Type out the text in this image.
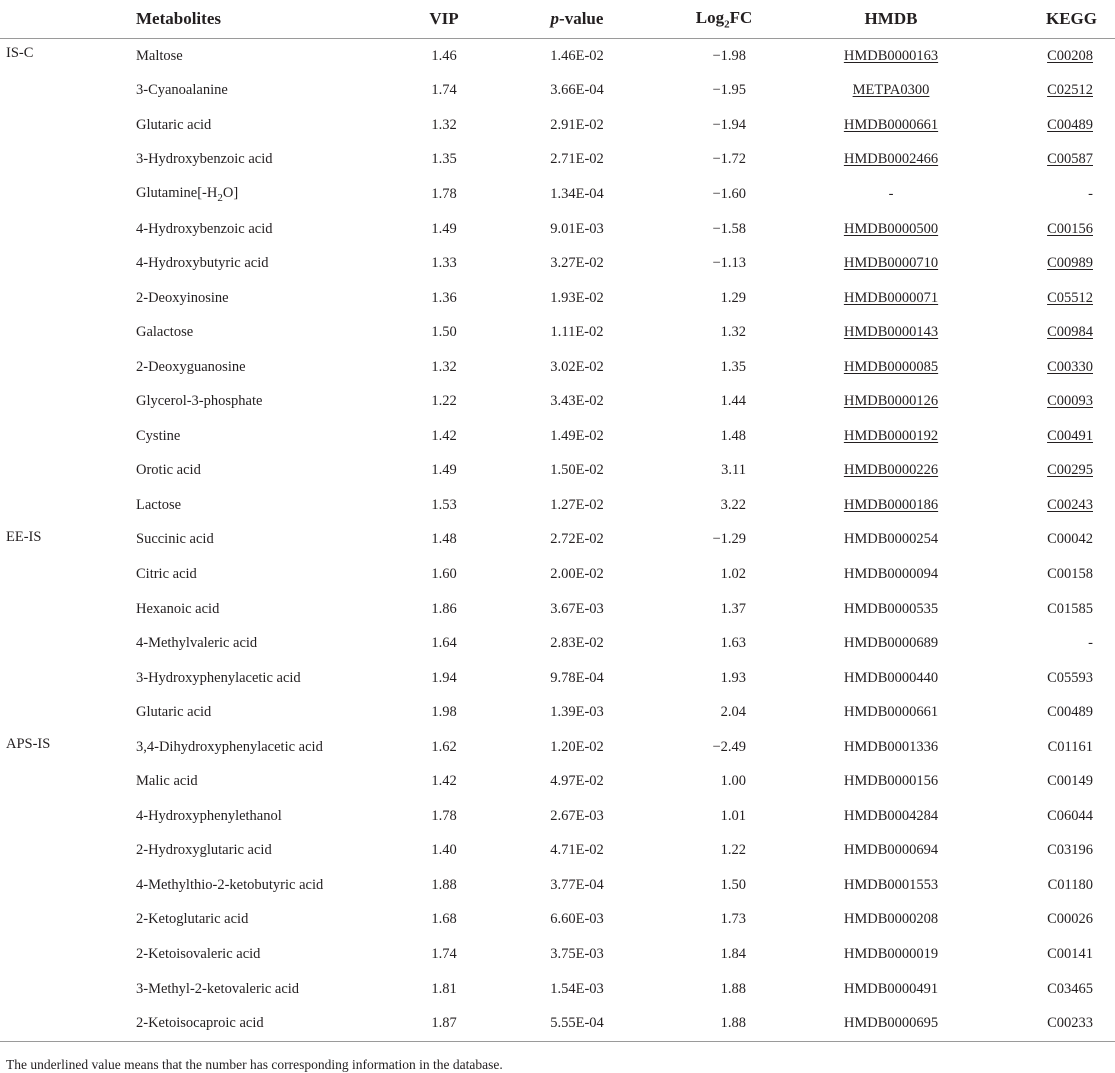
	Metabolites	VIP	p-value	Log$_2$FC	HMDB	KEGG
IS-C	Maltose	1.46	1.46E-02	−1.98	HMDB0000163	C00208
	3-Cyanoalanine	1.74	3.66E-04	−1.95	METPA0300	C02512
	Glutaric acid	1.32	2.91E-02	−1.94	HMDB0000661	C00489
	3-Hydroxybenzoic acid	1.35	2.71E-02	−1.72	HMDB0002466	C00587
	$Glutamine[-H_2O]$	1.78	1.34E-04	−1.60	-	-
	4-Hydroxybenzoic acid	1.49	9.01E-03	−1.58	HMDB0000500	C00156
	4-Hydroxybutyric acid	1.33	3.27E-02	−1.13	HMDB0000710	C00989
	2-Deoxyinosine	1.36	1.93E-02	1.29	HMDB0000071	C05512
	Galactose	1.50	1.11E-02	1.32	HMDB0000143	C00984
	2-Deoxyguanosine	1.32	3.02E-02	1.35	HMDB0000085	C00330
	Glycerol-3-phosphate	1.22	3.43E-02	1.44	HMDB0000126	C00093
	Cystine	1.42	1.49E-02	1.48	HMDB0000192	C00491
	Orotic acid	1.49	1.50E-02	3.11	HMDB0000226	C00295
	Lactose	1.53	1.27E-02	3.22	HMDB0000186	C00243
EE-IS	Succinic acid	1.48	2.72E-02	−1.29	HMDB0000254	C00042
	Citric acid	1.60	2.00E-02	1.02	HMDB0000094	C00158
	Hexanoic acid	1.86	3.67E-03	1.37	HMDB0000535	C01585
	4-Methylvaleric acid	1.64	2.83E-02	1.63	HMDB0000689	-
	3-Hydroxyphenylacetic acid	1.94	9.78E-04	1.93	HMDB0000440	C05593
	Glutaric acid	1.98	1.39E-03	2.04	HMDB0000661	C00489
APS-IS	3,4-Dihydroxyphenylacetic acid	1.62	1.20E-02	−2.49	HMDB0001336	C01161
	Malic acid	1.42	4.97E-02	1.00	HMDB0000156	C00149
	4-Hydroxyphenylethanol	1.78	2.67E-03	1.01	HMDB0004284	C06044
	2-Hydroxyglutaric acid	1.40	4.71E-02	1.22	HMDB0000694	C03196
	4-Methylthio-2-ketobutyric acid	1.88	3.77E-04	1.50	HMDB0001553	C01180
	2-Ketoglutaric acid	1.68	6.60E-03	1.73	HMDB0000208	C00026
	2-Ketoisovaleric acid	1.74	3.75E-03	1.84	HMDB0000019	C00141
	3-Methyl-2-ketovaleric acid	1.81	1.54E-03	1.88	HMDB0000491	C03465
	2-Ketoisocaproic acid	1.87	5.55E-04	1.88	HMDB0000695	C00233
The underlined value means that the number has corresponding information in the database.
